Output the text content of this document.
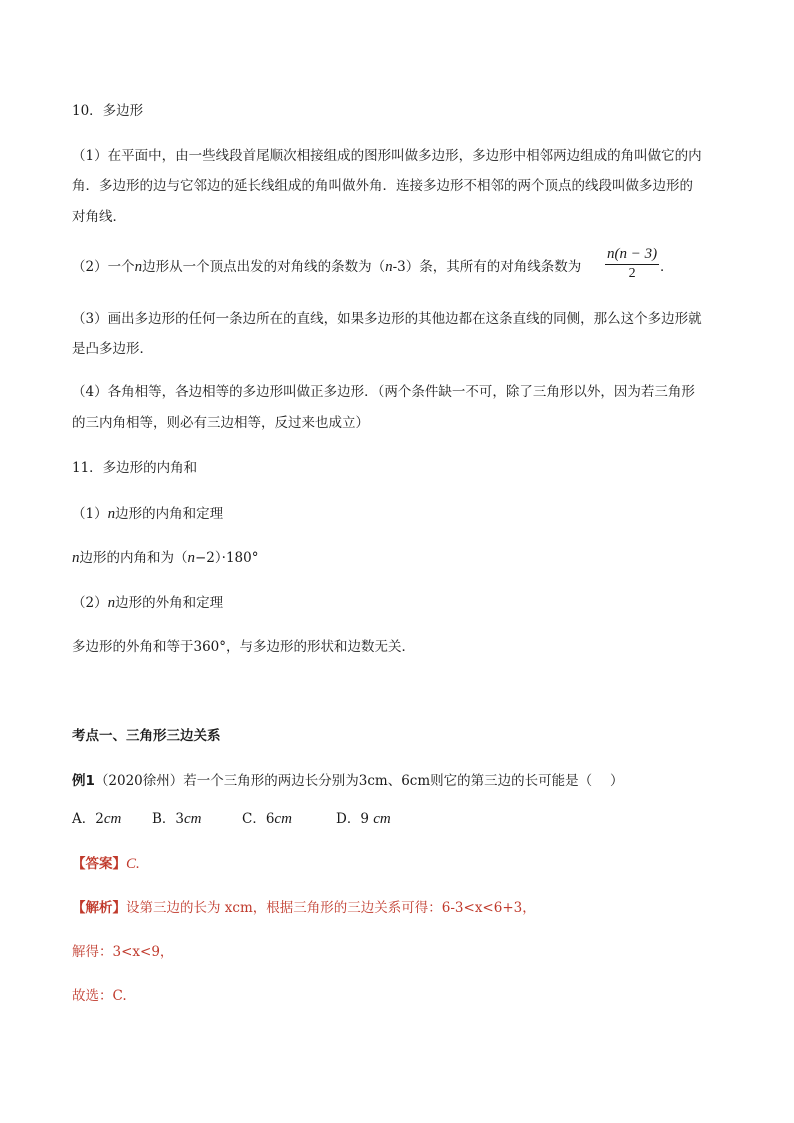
10．多边形
（1）在平面中，由一些线段首尾顺次相接组成的图形叫做多边形，多边形中相邻两边组成的角叫做它的内
角．多边形的边与它邻边的延长线组成的角叫做外角．连接多边形不相邻的两个顶点的线段叫做多边形的
对角线．
（2）一个n边形从一个顶点出发的对角线的条数为（n-3）条，其所有的对角线条数为	$\frac{n(n - 3)}{2}$ ．
（3）画出多边形的任何一条边所在的直线，如果多边形的其他边都在这条直线的同侧，那么这个多边形就
是凸多边形．
（4）各角相等，各边相等的多边形叫做正多边形．（两个条件缺一不可，除了三角形以外，因为若三角形
的三内角相等，则必有三边相等，反过来也成立）
11．多边形的内角和
（1）n边形的内角和定理
n边形的内角和为（n−2）·180°
（2）n边形的外角和定理
多边形的外角和等于360°，与多边形的形状和边数无关．
考点一、三角形三边关系
例1（2020徐州）若一个三角形的两边长分别为3cm、6cm则它的第三边的长可能是（　 ）
A．2cm B．3cm	C．6cm	D．9 cm
【答案】C.
【解析】设第三边的长为 xcm，根据三角形的三边关系可得：6-3<x<6+3，
解得：3<x<9，
故选：C.
